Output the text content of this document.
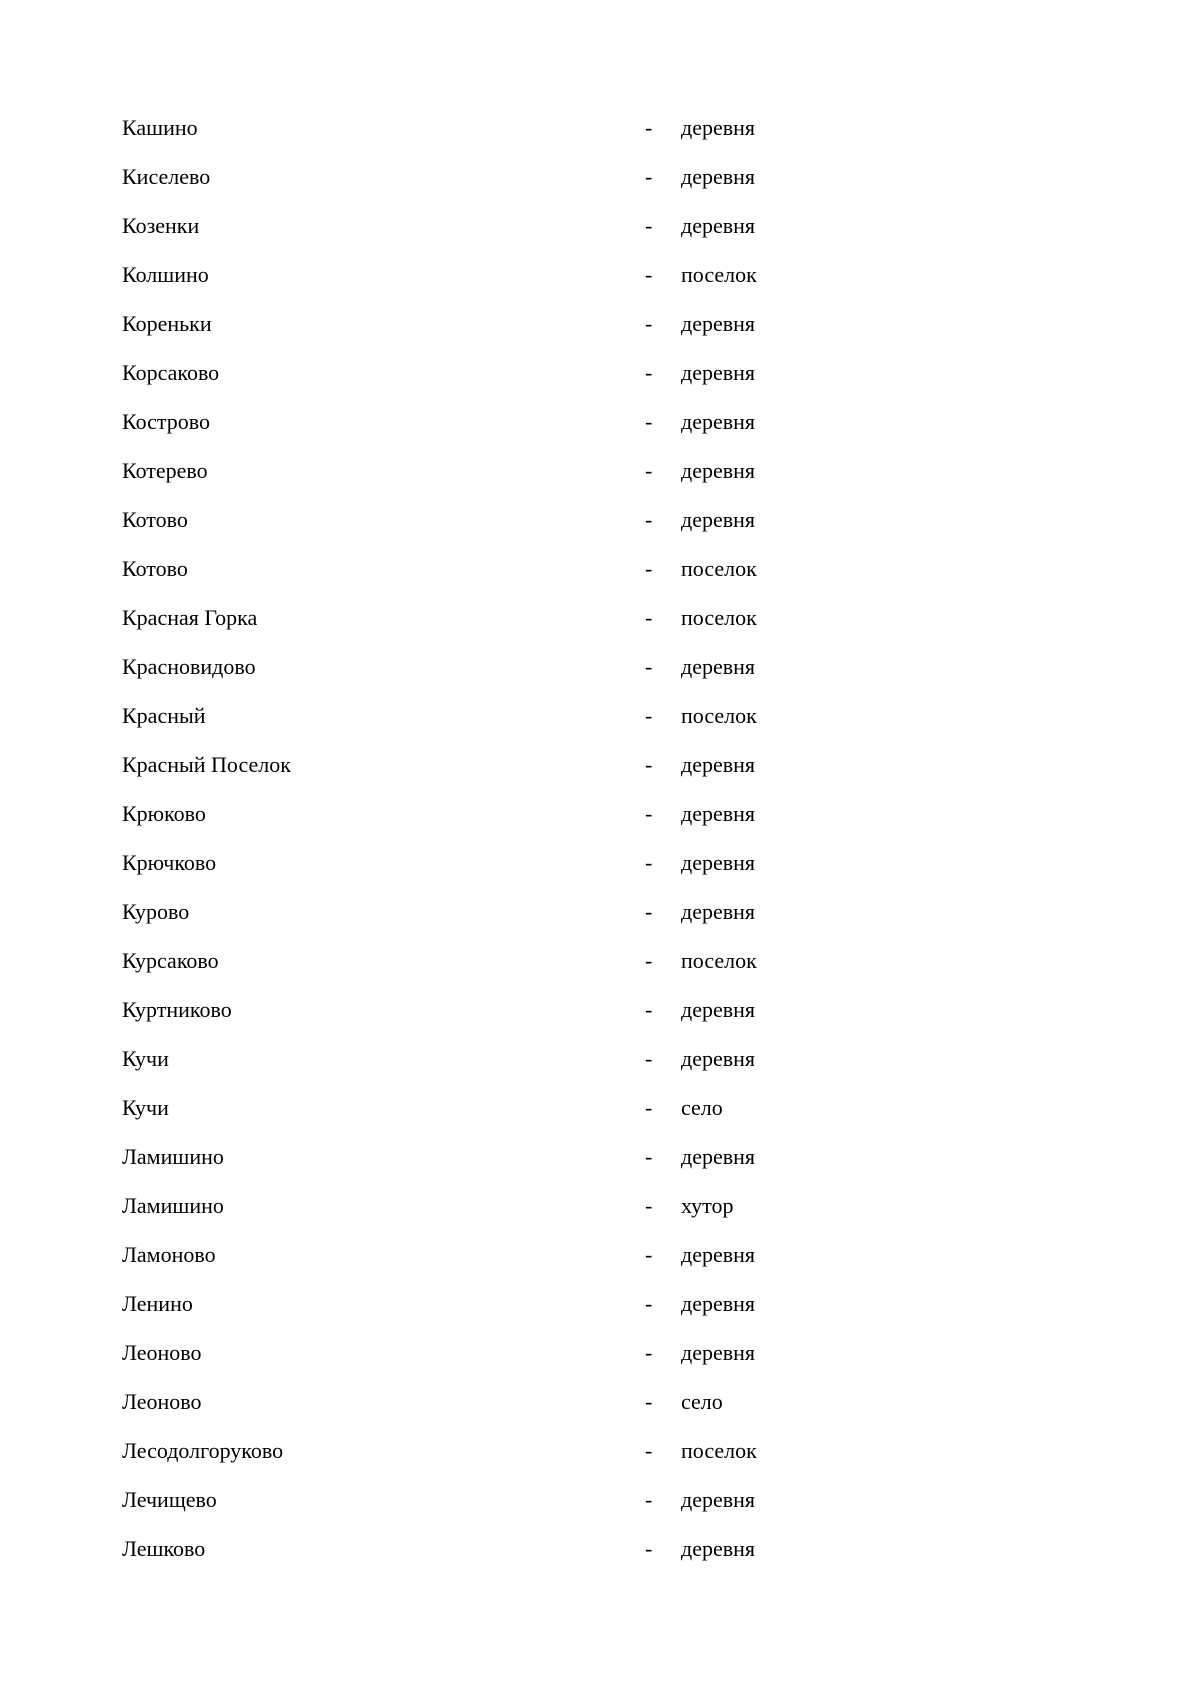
Кашино	- деревня
Киселево	- деревня
Козенки	- деревня
Колшино	- поселок
Кореньки	- деревня
Корсаково	- деревня
Кострово	- деревня
Котерево	- деревня
Котово	- деревня
Котово	- поселок
Красная Горка	- поселок
Красновидово	- деревня
Красный	- поселок
Красный Поселок	- деревня
Крюково	- деревня
Крючково	- деревня
Курово	- деревня
Курсаково	- поселок
Куртниково	- деревня
Кучи	- деревня
Кучи	- село
Ламишино	- деревня
Ламишино	- хутор
Ламоново	- деревня
Ленино	- деревня
Леоново	- деревня
Леоново	- село
Лесодолгоруково	- поселок
Лечищево	- деревня
Лешково	- деревня
